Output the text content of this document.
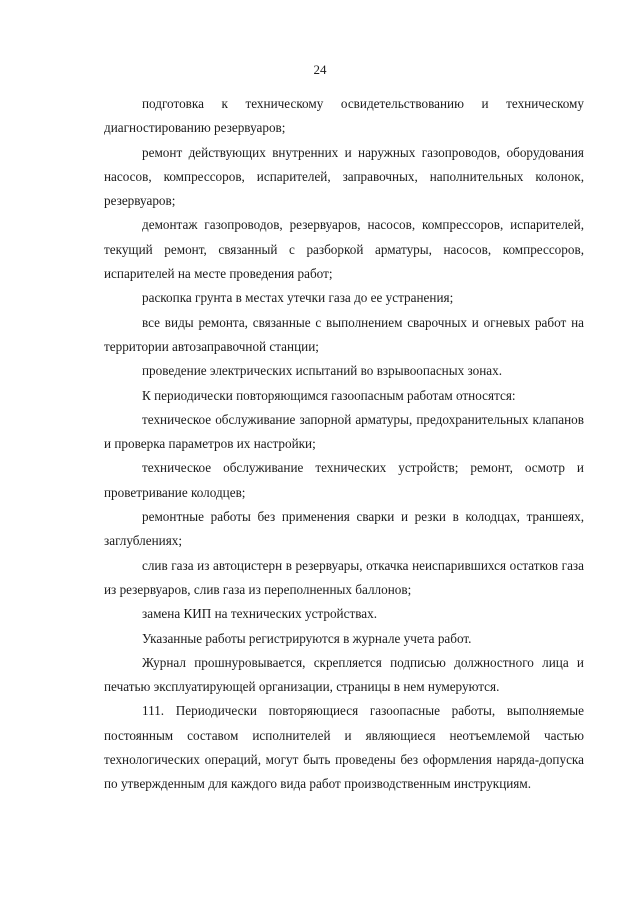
24

подготовка к техническому освидетельствованию и техническому диагностированию резервуаров;

ремонт действующих внутренних и наружных газопроводов, оборудования насосов, компрессоров, испарителей, заправочных, наполнительных колонок, резервуаров;

демонтаж газопроводов, резервуаров, насосов, компрессоров, испарителей, текущий ремонт, связанный с разборкой арматуры, насосов, компрессоров, испарителей на месте проведения работ;

раскопка грунта в местах утечки газа до ее устранения;

все виды ремонта, связанные с выполнением сварочных и огневых работ на территории автозаправочной станции;

проведение электрических испытаний во взрывоопасных зонах.

К периодически повторяющимся газоопасным работам относятся:

техническое обслуживание запорной арматуры, предохранительных клапанов и проверка параметров их настройки;

техническое обслуживание технических устройств; ремонт, осмотр и проветривание колодцев;

ремонтные работы без применения сварки и резки в колодцах, траншеях, заглублениях;

слив газа из автоцистерн в резервуары, откачка неиспарившихся остатков газа из резервуаров, слив газа из переполненных баллонов;

замена КИП на технических устройствах.

Указанные работы регистрируются в журнале учета работ.

Журнал прошнуровывается, скрепляется подписью должностного лица и печатью эксплуатирующей организации, страницы в нем нумеруются.

111. Периодически повторяющиеся газоопасные работы, выполняемые постоянным составом исполнителей и являющиеся неотъемлемой частью технологических операций, могут быть проведены без оформления наряда-допуска по утвержденным для каждого вида работ производственным инструкциям.
